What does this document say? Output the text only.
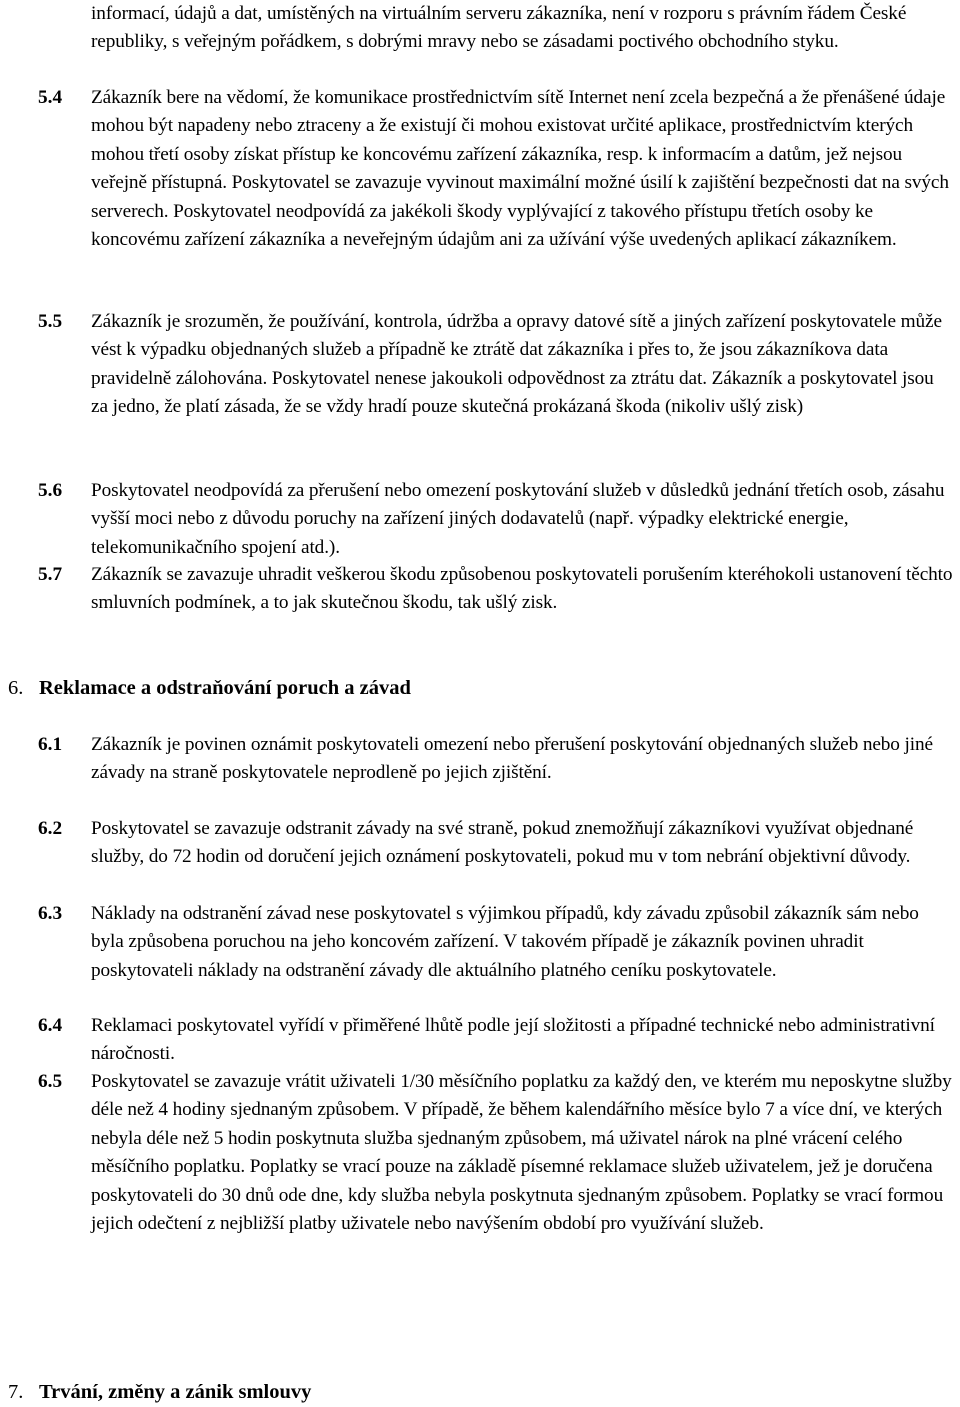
informací, údajů a dat, umístěných na virtuálním serveru zákazníka, není v rozporu s právním řádem České republiky, s veřejným pořádkem, s dobrými mravy nebo se zásadami poctivého obchodního styku.
5.4	Zákazník bere na vědomí, že komunikace prostřednictvím sítě Internet není zcela bezpečná a že přenášené údaje mohou být napadeny nebo ztraceny a že existují či mohou existovat určité aplikace, prostřednictvím kterých mohou třetí osoby získat přístup ke koncovému zařízení zákazníka, resp. k informacím a datům, jež nejsou veřejně přístupná. Poskytovatel se zavazuje vyvinout maximální možné úsilí k zajištění bezpečnosti dat na svých serverech. Poskytovatel neodpovídá za jakékoli škody vyplývající z takového přístupu třetích osoby ke koncovému zařízení zákazníka a neveřejným údajům ani za užívání výše uvedených aplikací zákazníkem.
5.5	Zákazník je srozuměn, že používání, kontrola, údržba a opravy datové sítě a jiných zařízení poskytovatele může vést k výpadku objednaných služeb a případně ke ztrátě dat zákazníka i přes to, že jsou zákazníkova data pravidelně zálohována. Poskytovatel nenese jakoukoli odpovědnost za ztrátu dat. Zákazník a poskytovatel jsou za jedno, že platí zásada, že se vždy hradí pouze skutečná prokázaná škoda (nikoliv ušlý zisk)
5.6	Poskytovatel neodpovídá za přerušení nebo omezení poskytování služeb v důsledků jednání třetích osob, zásahu vyšší moci nebo z důvodu poruchy na zařízení jiných dodavatelů (např. výpadky elektrické energie, telekomunikačního spojení atd.).
5.7	Zákazník se zavazuje uhradit veškerou škodu způsobenou poskytovateli porušením kteréhokoli ustanovení těchto smluvních podmínek, a to jak skutečnou škodu, tak ušlý zisk.
6. Reklamace a odstraňování poruch a závad
6.1	Zákazník je povinen oznámit poskytovateli omezení nebo přerušení poskytování objednaných služeb nebo jiné závady na straně poskytovatele neprodleně po jejich zjištění.
6.2	Poskytovatel se zavazuje odstranit závady na své straně, pokud znemožňují zákazníkovi využívat objednané služby, do 72 hodin od doručení jejich oznámení poskytovateli, pokud mu v tom nebrání objektivní důvody.
6.3	Náklady na odstranění závad nese poskytovatel s výjimkou případů, kdy závadu způsobil zákazník sám nebo byla způsobena poruchou na jeho koncovém zařízení. V takovém případě je zákazník povinen uhradit poskytovateli náklady na odstranění závady dle aktuálního platného ceníku poskytovatele.
6.4	Reklamaci poskytovatel vyřídí v přiměřené lhůtě podle její složitosti a případné technické nebo administrativní náročnosti.
6.5	Poskytovatel se zavazuje vrátit uživateli 1/30 měsíčního poplatku za každý den, ve kterém mu neposkytne služby déle než 4 hodiny sjednaným způsobem. V případě, že během kalendářního měsíce bylo 7 a více dní, ve kterých nebyla déle než 5 hodin poskytnuta služba sjednaným způsobem, má uživatel nárok na plné vrácení celého měsíčního poplatku. Poplatky se vrací pouze na základě písemné reklamace služeb uživatelem, jež je doručena poskytovateli do 30 dnů ode dne, kdy služba nebyla poskytnuta sjednaným způsobem. Poplatky se vrací formou jejich odečtení z nejbližší platby uživatele nebo navýšením období pro využívání služeb.
7. Trvání, změny a zánik smlouvy
